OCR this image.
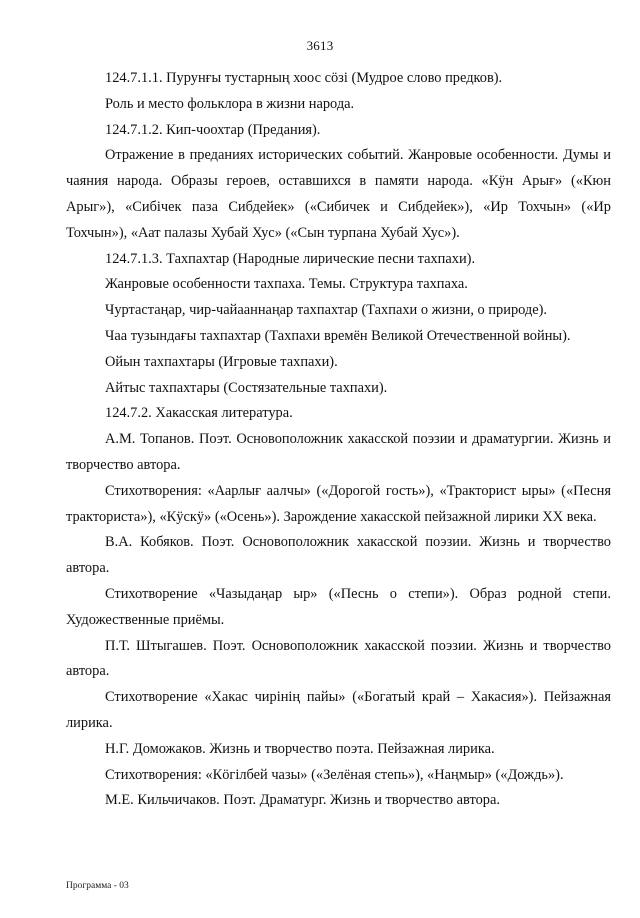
3613

124.7.1.1. Пурунғы тустарның хоос сöзі (Мудрое слово предков).

Роль и место фольклора в жизни народа.

124.7.1.2. Кип-чоохтар (Предания).

Отражение в преданиях исторических событий. Жанровые особенности. Думы и чаяния народа. Образы героев, оставшихся в памяти народа. «Кӱн Арығ» («Кюн Арыг»), «Сибiчек паза Сибдейек» («Сибичек и Сибдейек»), «Ир Тохчын» («Ир Тохчын»), «Аат палазы Хубай Хус» («Сын турпана Хубай Хус»).

124.7.1.3. Тахпахтар (Народные лирические песни тахпахи).

Жанровые особенности тахпаха. Темы. Структура тахпаха.

Чуртастаңар, чир-чайааннаңар тахпахтар (Тахпахи о жизни, о природе).

Чаа тузындағы тахпахтар (Тахпахи времён Великой Отечественной войны).

Ойын тахпахтары (Игровые тахпахи).

Айтыс тахпахтары (Состязательные тахпахи).

124.7.2. Хакасская литература.

А.М. Топанов. Поэт. Основоположник хакасской поэзии и драматургии. Жизнь и творчество автора.

Стихотворения: «Аарлығ аалчы» («Дорогой гость»), «Тракторист ыры» («Песня тракториста»), «Кӱскӱ» («Осень»). Зарождение хакасской пейзажной лирики XX века.

В.А. Кобяков. Поэт. Основоположник хакасской поэзии. Жизнь и творчество автора.

Стихотворение «Чазыдаңар ыр» («Песнь о степи»). Образ родной степи. Художественные приёмы.

П.Т. Штыгашев. Поэт. Основоположник хакасской поэзии. Жизнь и творчество автора.

Стихотворение «Хакас чирiнiң пайы» («Богатый край – Хакасия»). Пейзажная лирика.

Н.Г. Доможаков. Жизнь и творчество поэта. Пейзажная лирика.

Стихотворения: «Кöгiлбей чазы» («Зелёная степь»), «Наңмыр» («Дождь»).

М.Е. Кильчичаков. Поэт. Драматург. Жизнь и творчество автора.

Программа - 03
